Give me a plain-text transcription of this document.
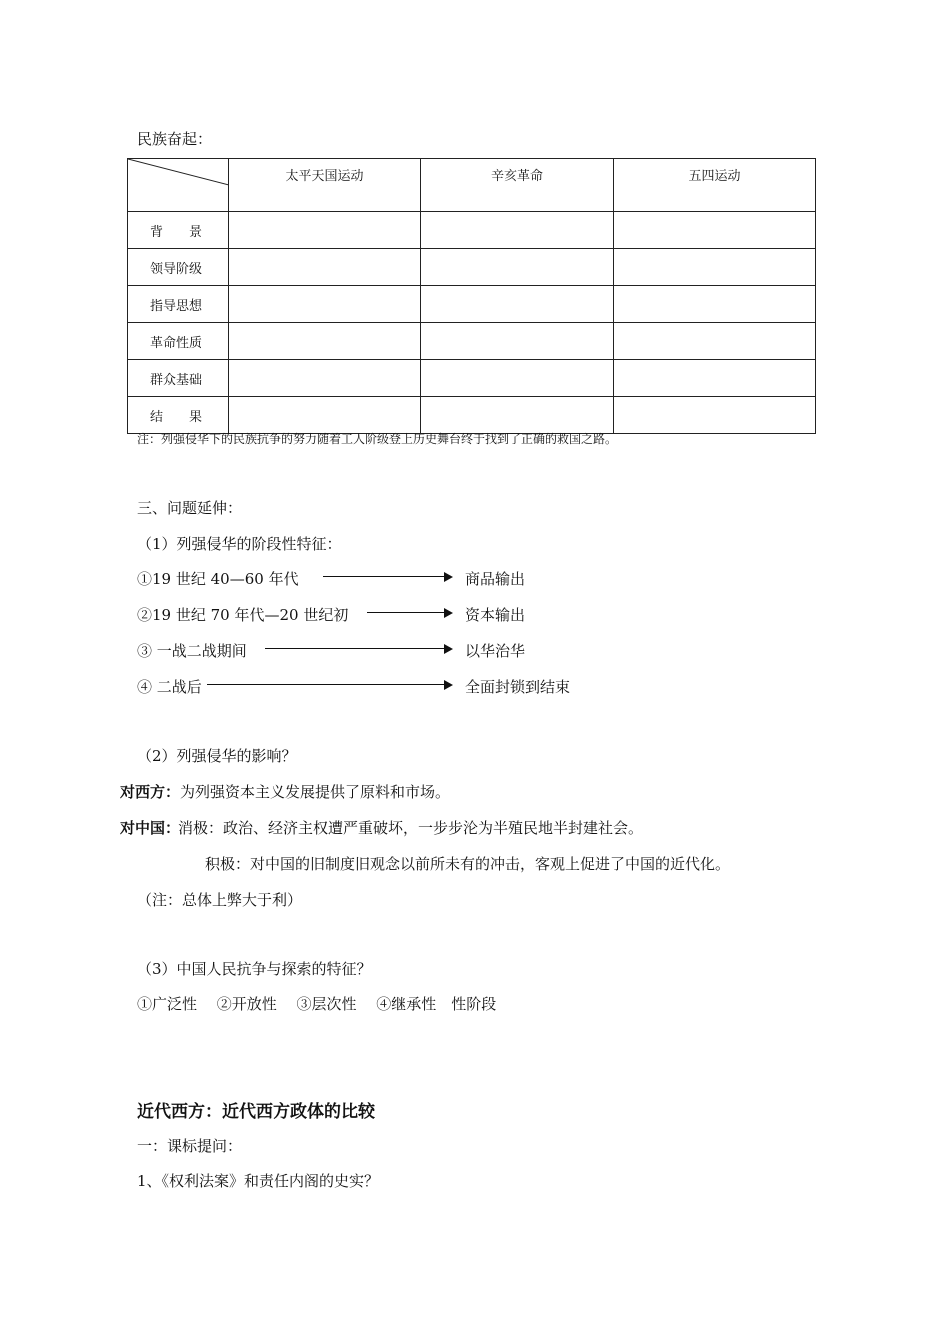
民族奋起：
	太平天国运动	辛亥革命	五四运动
背　　景			
领导阶级			
指导思想			
革命性质			
群众基础			
结　　果			
注：列强侵华下的民族抗争的努力随着工人阶级登上历史舞台终于找到了正确的救国之路。
三、问题延伸：
（1）列强侵华的阶段性特征：
①19 世纪 40—60 年代	商品输出
②19 世纪 70 年代—20 世纪初	资本输出
③ 一战二战期间	以华治华
④ 二战后	全面封锁到结束
（2）列强侵华的影响？
对西方：为列强资本主义发展提供了原料和市场。
对中国：
消极：政治、经济主权遭严重破坏，一步步沦为半殖民地半封建社会。
积极：对中国的旧制度旧观念以前所未有的冲击，客观上促进了中国的近代化。
（注：总体上弊大于利）
（3）中国人民抗争与探索的特征？
①广泛性　 ②开放性　 ③层次性　 ④继承性　性阶段
近代西方：近代西方政体的比较
一：课标提问：
1、《权利法案》和责任内阁的史实？
